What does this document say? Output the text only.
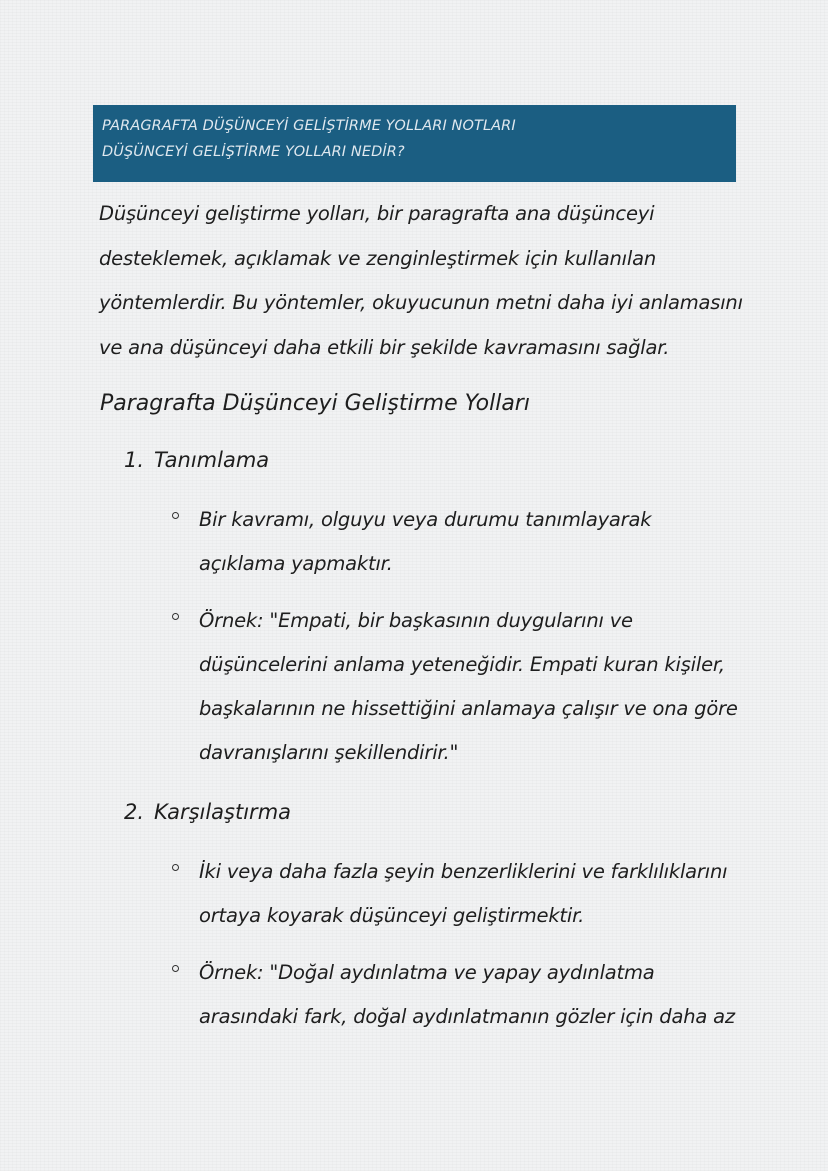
PARAGRAFTA DÜŞÜNCEYİ GELİŞTİRME YOLLARI NOTLARI
DÜŞÜNCEYİ GELİŞTİRME YOLLARI NEDİR?

Düşünceyi geliştirme yolları, bir paragrafta ana düşünceyi
desteklemek, açıklamak ve zenginleştirmek için kullanılan
yöntemlerdir. Bu yöntemler, okuyucunun metni daha iyi anlamasını
ve ana düşünceyi daha etkili bir şekilde kavramasını sağlar.

Paragrafta Düşünceyi Geliştirme Yolları
1. Tanımlama
Bir kavramı, olguyu veya durumu tanımlayarak
açıklama yapmaktır.
Örnek: "Empati, bir başkasının duygularını ve
düşüncelerini anlama yeteneğidir. Empati kuran kişiler,
başkalarının ne hissettiğini anlamaya çalışır ve ona göre
davranışlarını şekillendirir."
2. Karşılaştırma
İki veya daha fazla şeyin benzerliklerini ve farklılıklarını
ortaya koyarak düşünceyi geliştirmektir.
Örnek: "Doğal aydınlatma ve yapay aydınlatma
arasındaki fark, doğal aydınlatmanın gözler için daha az
